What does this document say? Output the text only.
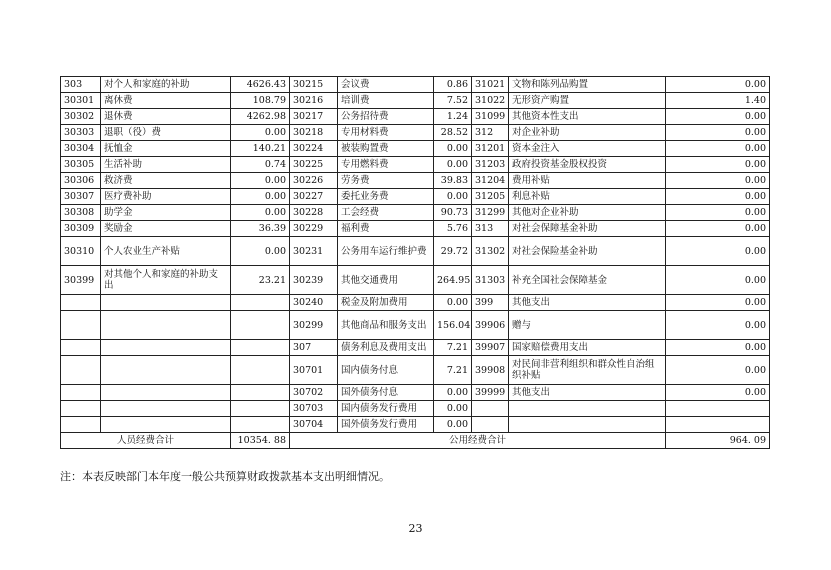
303	对个人和家庭的补助	4626.43	30215	会议费	0.86	31021	文物和陈列品购置	0.00
30301	离休费	108.79	30216	培训费	7.52	31022	无形资产购置	1.40
30302	退休费	4262.98	30217	公务招待费	1.24	31099	其他资本性支出	0.00
30303	退职（役）费	0.00	30218	专用材料费	28.52	312	对企业补助	0.00
30304	抚恤金	140.21	30224	被装购置费	0.00	31201	资本金注入	0.00
30305	生活补助	0.74	30225	专用燃料费	0.00	31203	政府投资基金股权投资	0.00
30306	救济费	0.00	30226	劳务费	39.83	31204	费用补贴	0.00
30307	医疗费补助	0.00	30227	委托业务费	0.00	31205	利息补贴	0.00
30308	助学金	0.00	30228	工会经费	90.73	31299	其他对企业补助	0.00
30309	奖励金	36.39	30229	福利费	5.76	313	对社会保障基金补助	0.00
30310	个人农业生产补贴	0.00	30231	公务用车运行维护费	29.72	31302	对社会保险基金补助	0.00
30399	对其他个人和家庭的补助支出	23.21	30239	其他交通费用	264.95	31303	补充全国社会保障基金	0.00
			30240	税金及附加费用	0.00	399	其他支出	0.00
			30299	其他商品和服务支出	156.04	39906	赠与	0.00
			307	债务利息及费用支出	7.21	39907	国家赔偿费用支出	0.00
			30701	国内债务付息	7.21	39908	对民间非营利组织和群众性自治组织补贴	0.00
			30702	国外债务付息	0.00	39999	其他支出	0.00
			30703	国内债务发行费用	0.00			
			30704	国外债务发行费用	0.00			
人员经费合计		10354. 88	公用经费合计					964. 09
注：本表反映部门本年度一般公共预算财政拨款基本支出明细情况。
23
